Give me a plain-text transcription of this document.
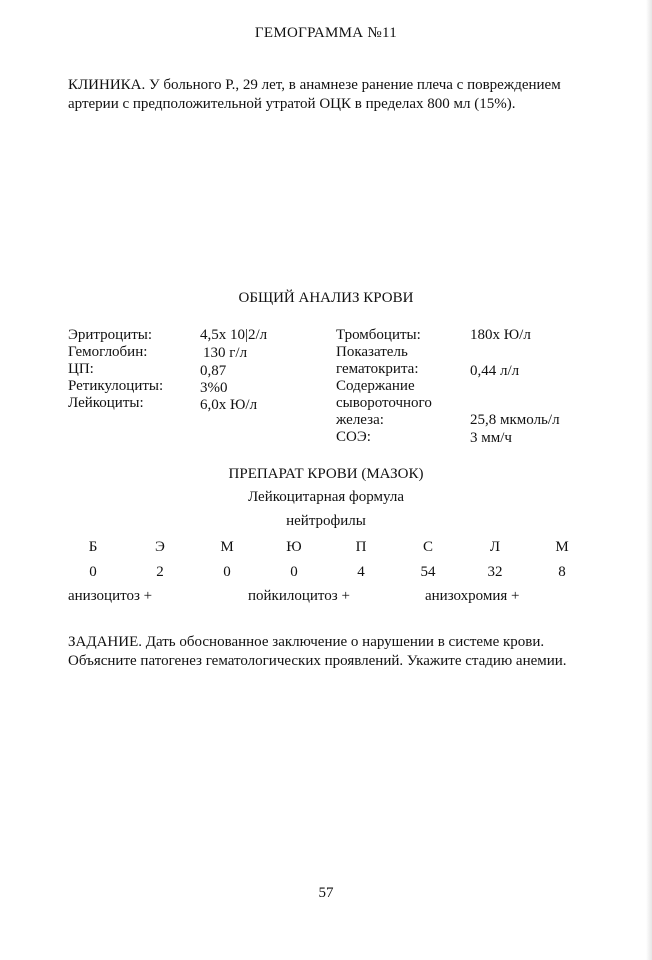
ГЕМОГРАММА №11
КЛИНИКА. У больного Р., 29 лет, в анамнезе ранение плеча с повреждением
артерии с предположительной утратой ОЦК в пределах 800 мл (15%).
ОБЩИЙ АНАЛИЗ КРОВИ
Эритроциты:	4,5x 10|2/л
Гемоглобин:	130 г/л
ЦП:	0,87
Ретикулоциты: 3%0
Лейкоциты:	6,0x Ю/л
Тромбоциты:	180x Ю/л
Показатель
гематокрита:	0,44 л/л
Содержание
сывороточного
железа:	25,8 мкмоль/л
СОЭ:	3 мм/ч
ПРЕПАРАТ КРОВИ (МАЗОК)
Лейкоцитарная формула
нейтрофилы
Б	Э	М	Ю	П	С	Л	М
0	2	0	0	4	54	32	8
анизоцитоз +	пойкилоцитоз +	анизохромия +
ЗАДАНИЕ. Дать обоснованное заключение о нарушении в системе крови.
Объясните патогенез гематологических проявлений. Укажите стадию анемии.
57
